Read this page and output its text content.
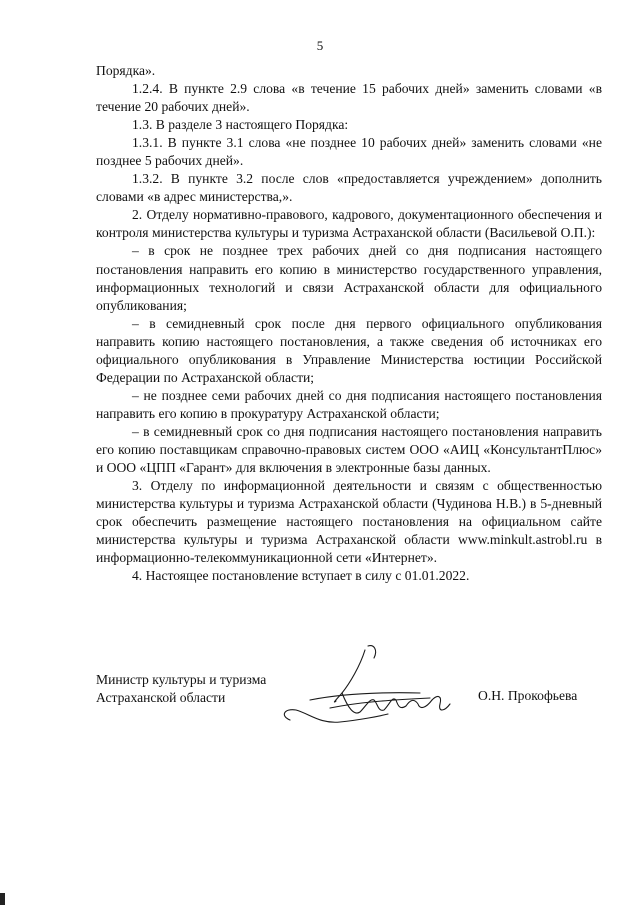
5

Порядка».

1.2.4. В пункте 2.9 слова «в течение 15 рабочих дней» заменить словами «в течение 20 рабочих дней».

1.3. В разделе 3 настоящего Порядка:

1.3.1. В пункте 3.1 слова «не позднее 10 рабочих дней» заменить словами «не позднее 5 рабочих дней».

1.3.2. В пункте 3.2 после слов «предоставляется учреждением» дополнить словами «в адрес министерства,».

2. Отделу нормативно-правового, кадрового, документационного обеспечения и контроля министерства культуры и туризма Астраханской области (Васильевой О.П.):

– в срок не позднее трех рабочих дней со дня подписания настоящего постановления направить его копию в министерство государственного управления, информационных технологий и связи Астраханской области для официального опубликования;

– в семидневный срок после дня первого официального опубликования направить копию настоящего постановления, а также сведения об источниках его официального опубликования в Управление Министерства юстиции Российской Федерации по Астраханской области;

– не позднее семи рабочих дней со дня подписания настоящего постановления направить его копию в прокуратуру Астраханской области;

– в семидневный срок со дня подписания настоящего постановления направить его копию поставщикам справочно-правовых систем ООО «АИЦ «КонсультантПлюс» и ООО «ЦПП «Гарант» для включения в электронные базы данных.

3. Отделу по информационной деятельности и связям с общественностью министерства культуры и туризма Астраханской области (Чудинова Н.В.) в 5-дневный срок обеспечить размещение настоящего постановления на официальном сайте министерства культуры и туризма Астраханской области www.minkult.astrobl.ru в информационно-телекоммуникационной сети «Интернет».

4. Настоящее постановление вступает в силу с 01.01.2022.

Министр культуры и туризма
Астраханской области	О.Н. Прокофьева
